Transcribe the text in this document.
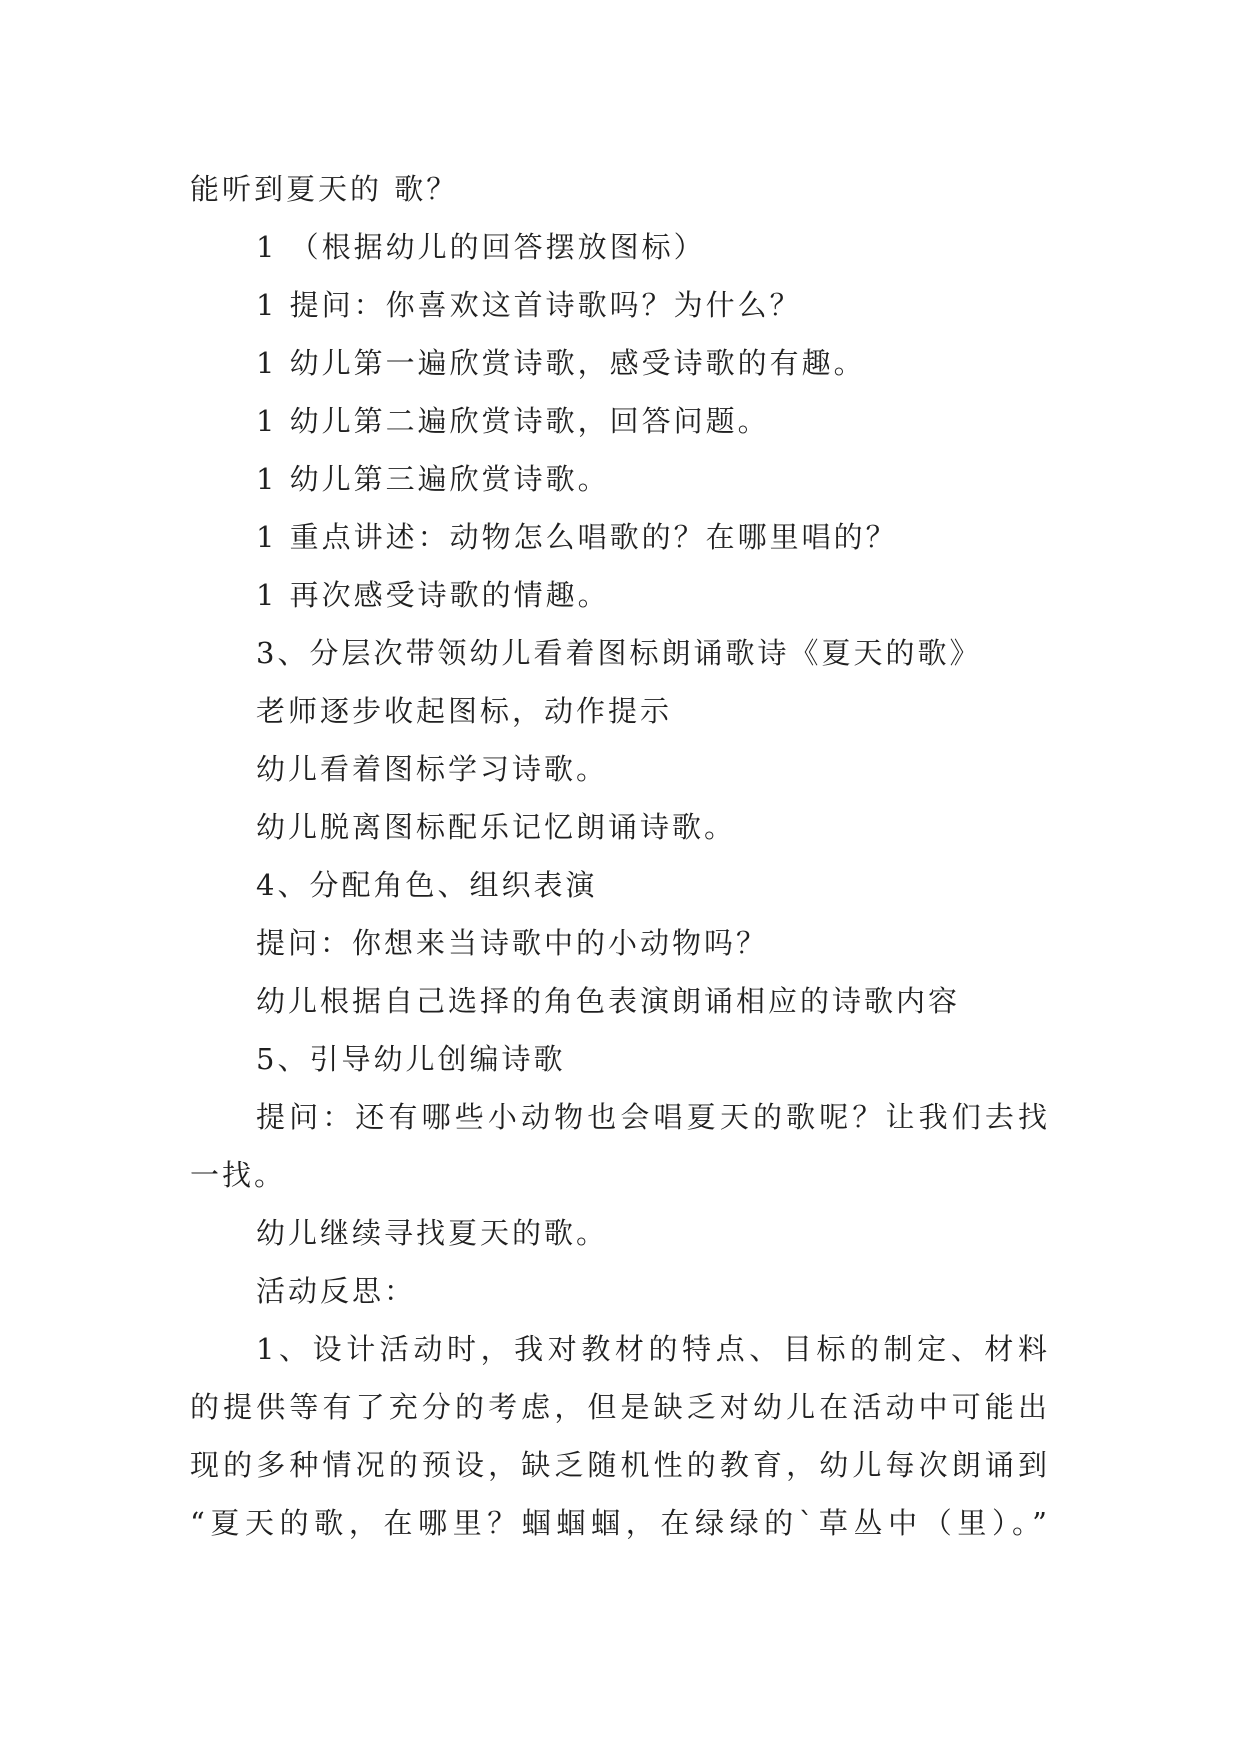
能听到夏天的 歌？
1 （根据幼儿的回答摆放图标）
1 提问：你喜欢这首诗歌吗？为什么？
1 幼儿第一遍欣赏诗歌，感受诗歌的有趣。
1 幼儿第二遍欣赏诗歌，回答问题。
1 幼儿第三遍欣赏诗歌。
1 重点讲述：动物怎么唱歌的？在哪里唱的？
1 再次感受诗歌的情趣。
3、分层次带领幼儿看着图标朗诵歌诗《夏天的歌》
老师逐步收起图标，动作提示
幼儿看着图标学习诗歌。
幼儿脱离图标配乐记忆朗诵诗歌。
4、分配角色、组织表演
提问：你想来当诗歌中的小动物吗？
幼儿根据自己选择的角色表演朗诵相应的诗歌内容
5、引导幼儿创编诗歌
提问：还有哪些小动物也会唱夏天的歌呢？让我们去找
一找。
幼儿继续寻找夏天的歌。
活动反思：
1、设计活动时，我对教材的特点、目标的制定、材料
的提供等有了充分的考虑，但是缺乏对幼儿在活动中可能出
现的多种情况的预设，缺乏随机性的教育，幼儿每次朗诵到
“夏天的歌，在哪里？蝈蝈蝈，在绿绿的`草丛中（里）。”
